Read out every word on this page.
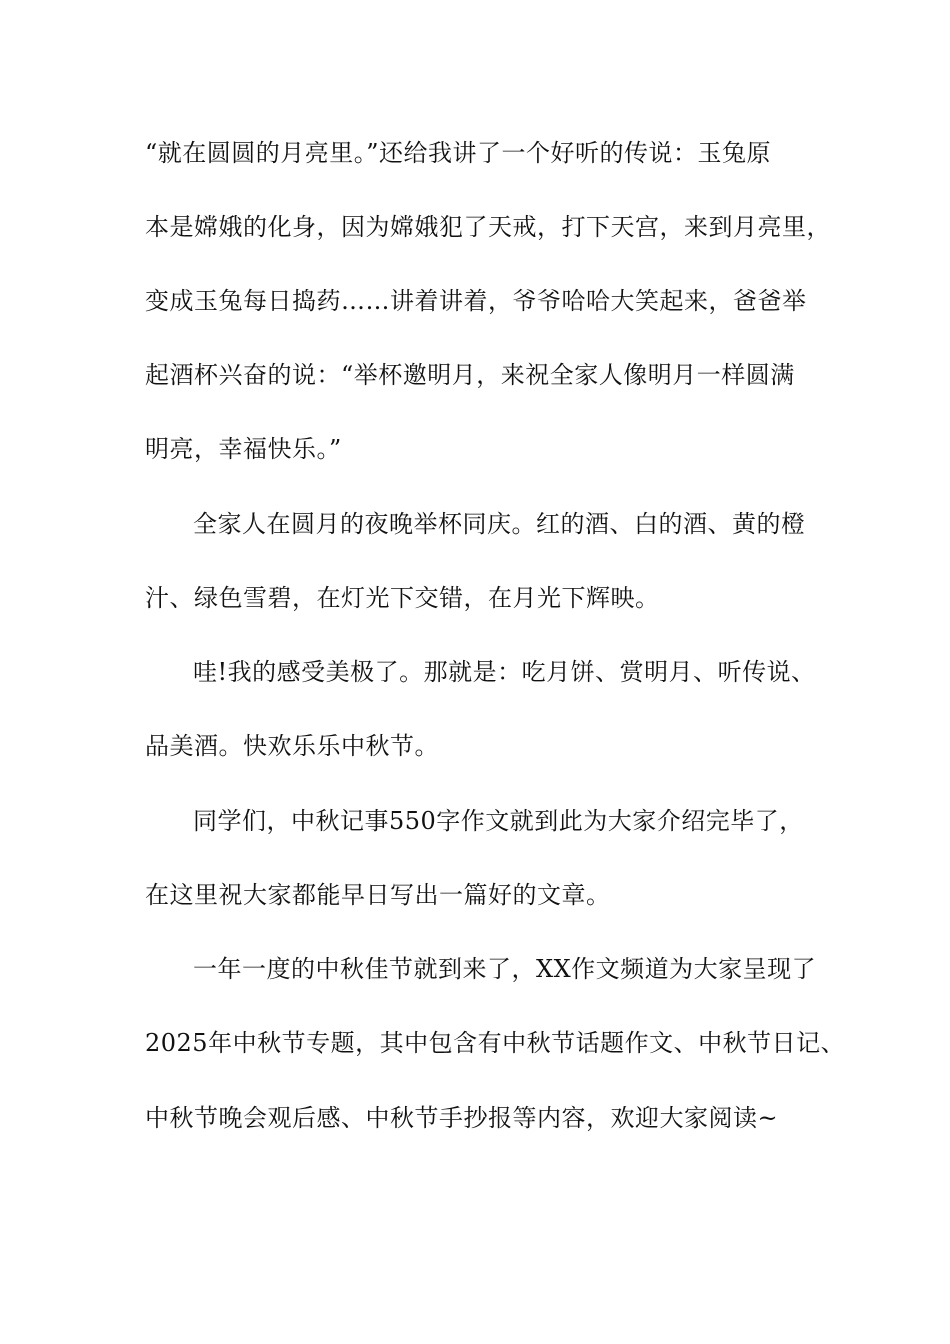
“就在圆圆的月亮里。”还给我讲了一个好听的传说：玉兔原
本是嫦娥的化身，因为嫦娥犯了天戒，打下天宫，来到月亮里，
变成玉兔每日捣药……讲着讲着，爷爷哈哈大笑起来，爸爸举
起酒杯兴奋的说：“举杯邀明月，来祝全家人像明月一样圆满
明亮，幸福快乐。”
全家人在圆月的夜晚举杯同庆。红的酒、白的酒、黄的橙
汁、绿色雪碧，在灯光下交错，在月光下辉映。
哇!我的感受美极了。那就是：吃月饼、赏明月、听传说、
品美酒。快欢乐乐中秋节。
同学们，中秋记事550字作文就到此为大家介绍完毕了，
在这里祝大家都能早日写出一篇好的文章。
一年一度的中秋佳节就到来了，XX作文频道为大家呈现了
2025年中秋节专题，其中包含有中秋节话题作文、中秋节日记、
中秋节晚会观后感、中秋节手抄报等内容，欢迎大家阅读~
